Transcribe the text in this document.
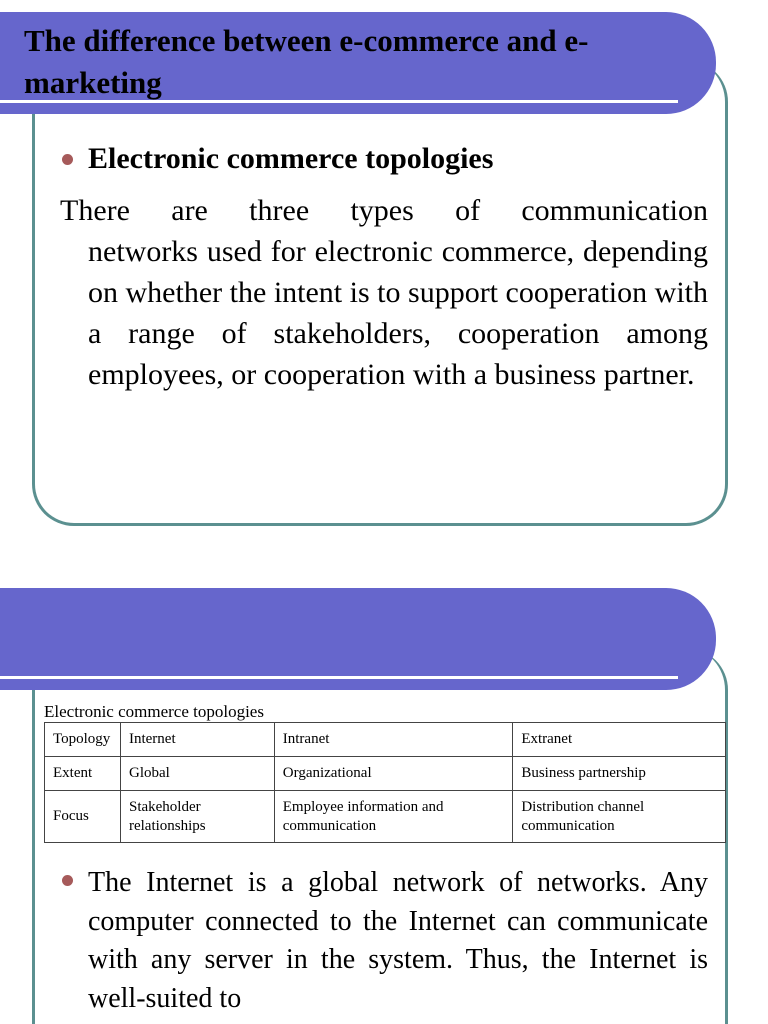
The difference between e-commerce and e-marketing

Electronic commerce topologies

There are three types of communication
networks used for electronic commerce, depending on whether the intent is to support cooperation with a range of stakeholders, cooperation among employees, or cooperation with a business partner.
Electronic commerce topologies
Topology	Internet	Intranet	Extranet
Extent	Global	Organizational	Business partnership
Focus	Stakeholder relationships	Employee information and communication	Distribution channel communication
The Internet is a global network of networks. Any computer connected to the Internet can communicate with any server in the system. Thus, the Internet is well-suited to
